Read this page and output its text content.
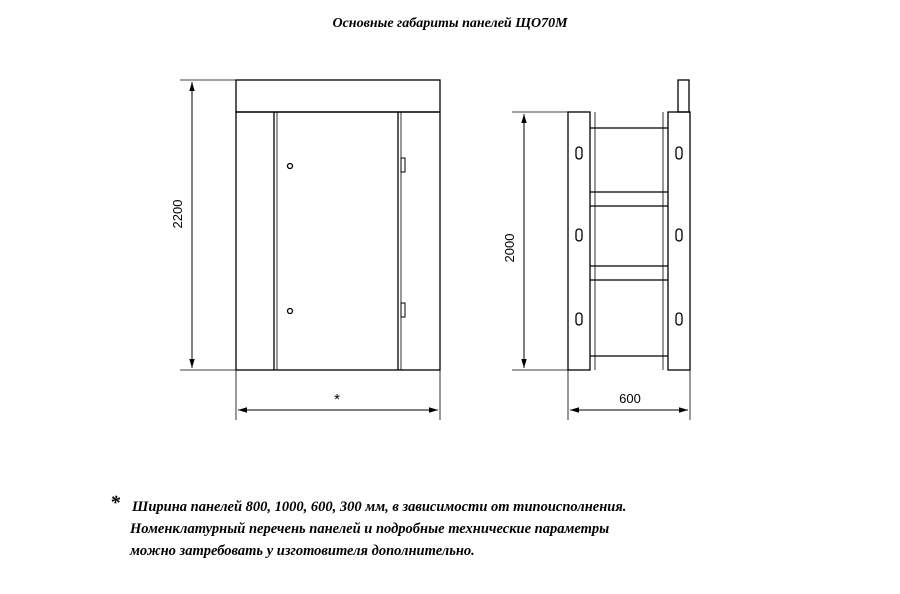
Основные габариты панелей ЩО70М
2200
*
2000
600
* Ширина панелей 800, 1000, 600, 300 мм, в зависимости от типоисполнения.
Номенклатурный перечень панелей и подробные технические параметры
можно затребовать у изготовителя дополнительно.
